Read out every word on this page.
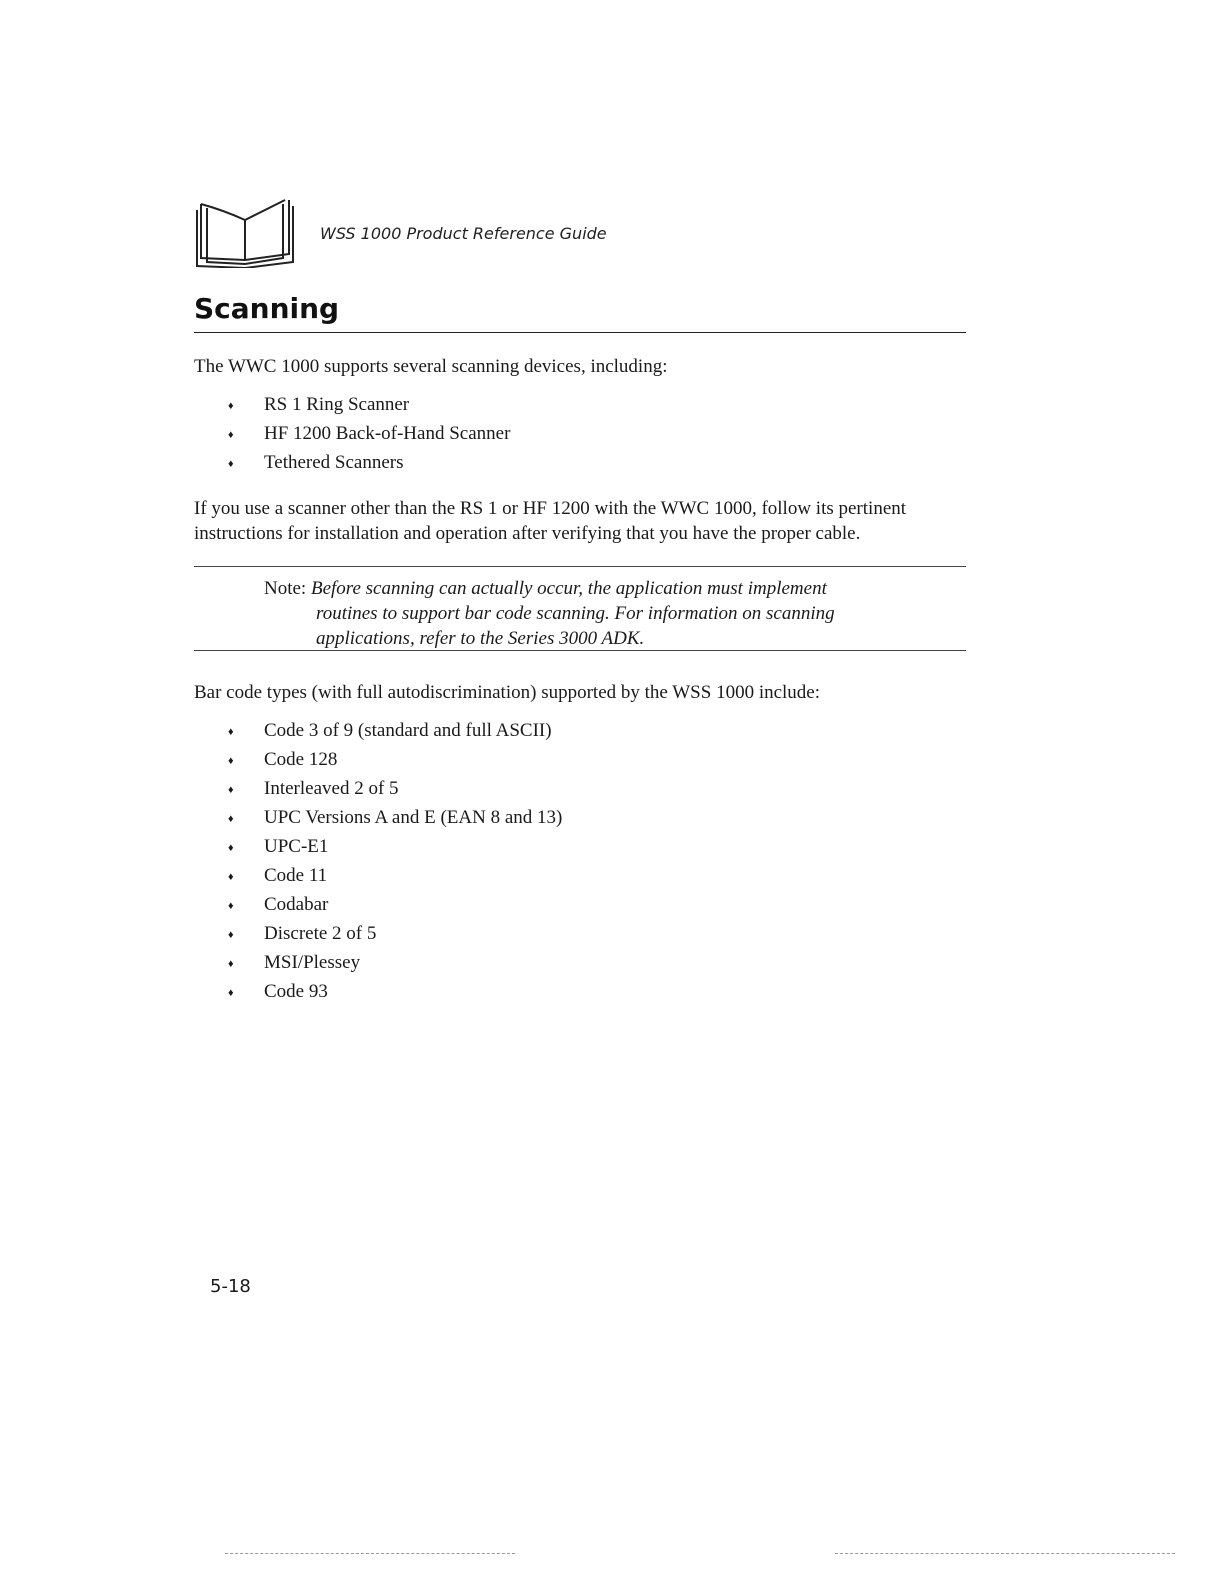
WSS 1000 Product Reference Guide
Scanning

The WWC 1000 supports several scanning devices, including:

♦ RS 1 Ring Scanner
♦ HF 1200 Back-of-Hand Scanner
♦ Tethered Scanners

If you use a scanner other than the RS 1 or HF 1200 with the WWC 1000, follow its pertinent instructions for installation and operation after verifying that you have the proper cable.

Note: Before scanning can actually occur, the application must implement
routines to support bar code scanning. For information on scanning
applications, refer to the Series 3000 ADK.

Bar code types (with full autodiscrimination) supported by the WSS 1000 include:

♦ Code 3 of 9 (standard and full ASCII)
♦ Code 128
♦ Interleaved 2 of 5
♦ UPC Versions A and E (EAN 8 and 13)
♦ UPC-E1
♦ Code 11
♦ Codabar
♦ Discrete 2 of 5
♦ MSI/Plessey
♦ Code 93
5-18
